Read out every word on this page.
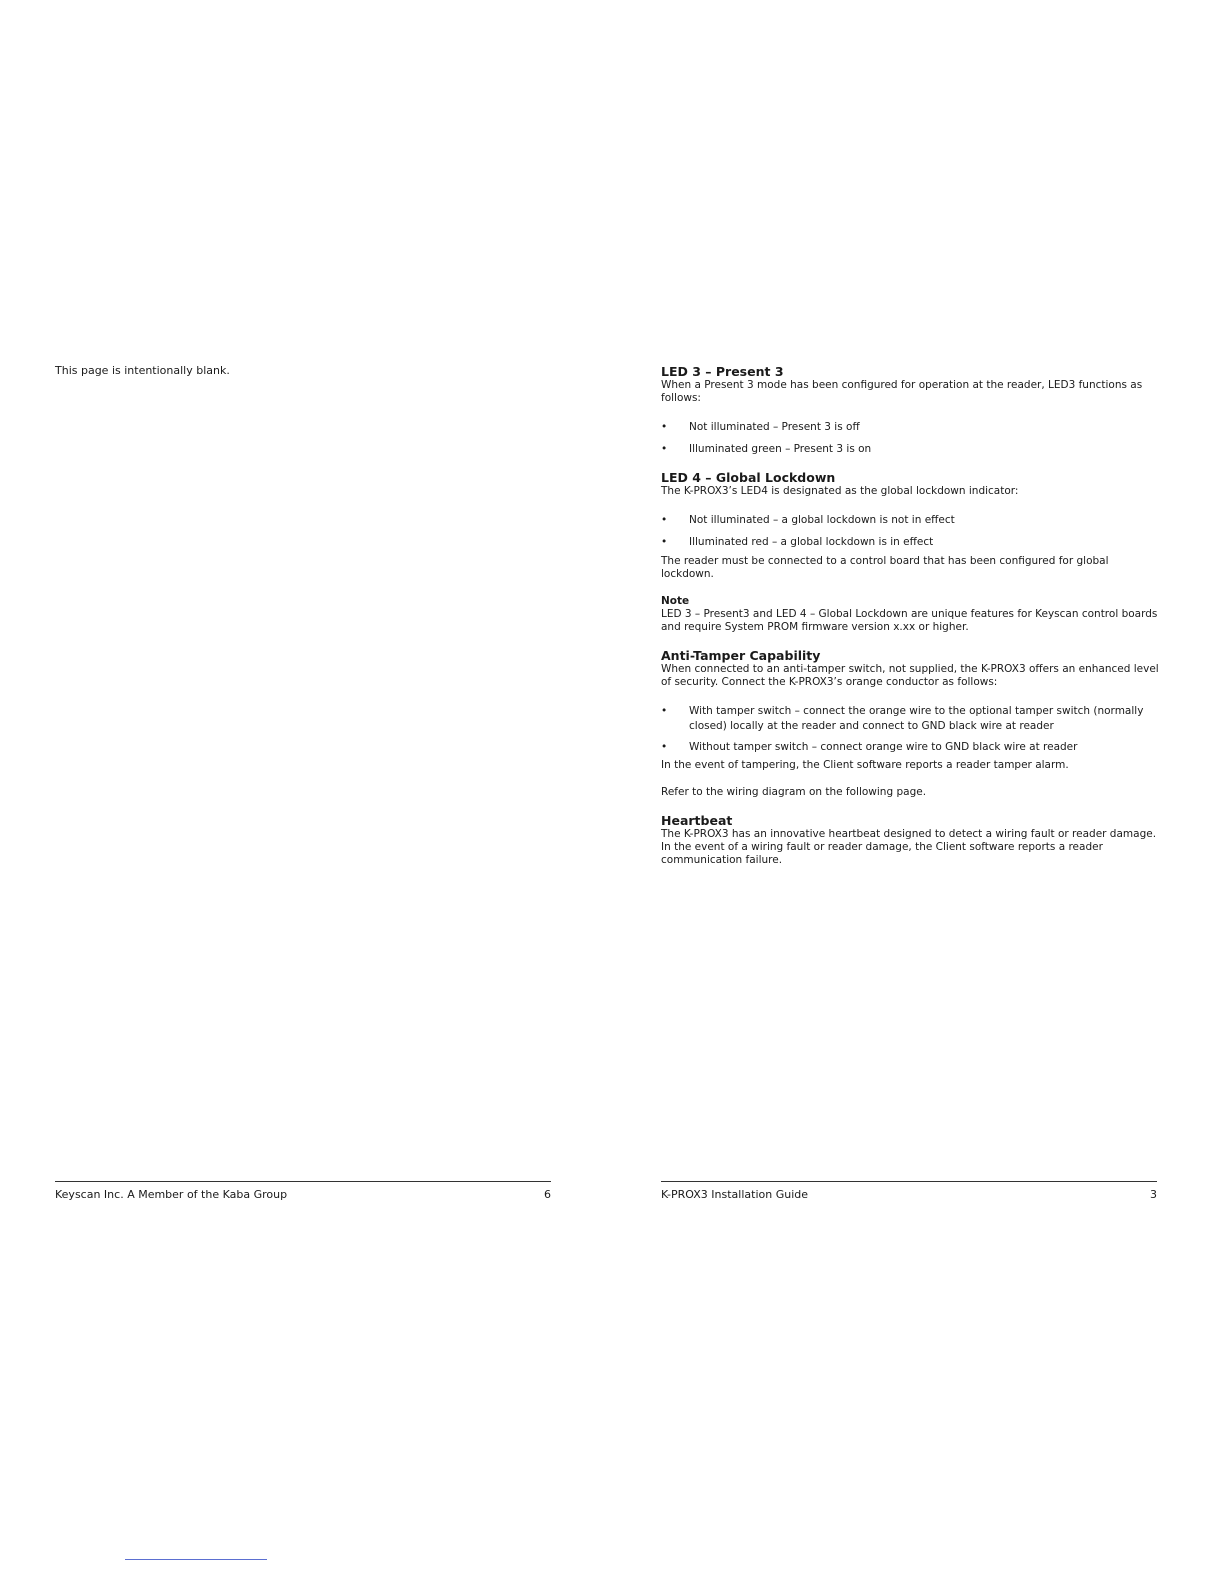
This page is intentionally blank.
Keyscan Inc. A Member of the Kaba Group	6
LED 3 – Present 3

When a Present 3 mode has been configured for operation at the reader, LED3 functions as follows:

• Not illuminated – Present 3 is off
• Illuminated green – Present 3 is on
LED 4 – Global Lockdown

The K-PROX3’s LED4 is designated as the global lockdown indicator:

• Not illuminated – a global lockdown is not in effect
• Illuminated red – a global lockdown is in effect

The reader must be connected to a control board that has been configured for global lockdown.

Note

LED 3 – Present3 and LED 4 – Global Lockdown are unique features for Keyscan control boards and require System PROM firmware version x.xx or higher.

Anti-Tamper Capability

When connected to an anti-tamper switch, not supplied, the K-PROX3 offers an enhanced level of security. Connect the K-PROX3’s orange conductor as follows:

• With tamper switch – connect the orange wire to the optional tamper switch (normally closed) locally at the reader and connect to GND black wire at reader
• Without tamper switch – connect orange wire to GND black wire at reader

In the event of tampering, the Client software reports a reader tamper alarm.

Refer to the wiring diagram on the following page.

Heartbeat

The K-PROX3 has an innovative heartbeat designed to detect a wiring fault or reader damage. In the event of a wiring fault or reader damage, the Client software reports a reader communication failure.

K-PROX3 Installation Guide	3
